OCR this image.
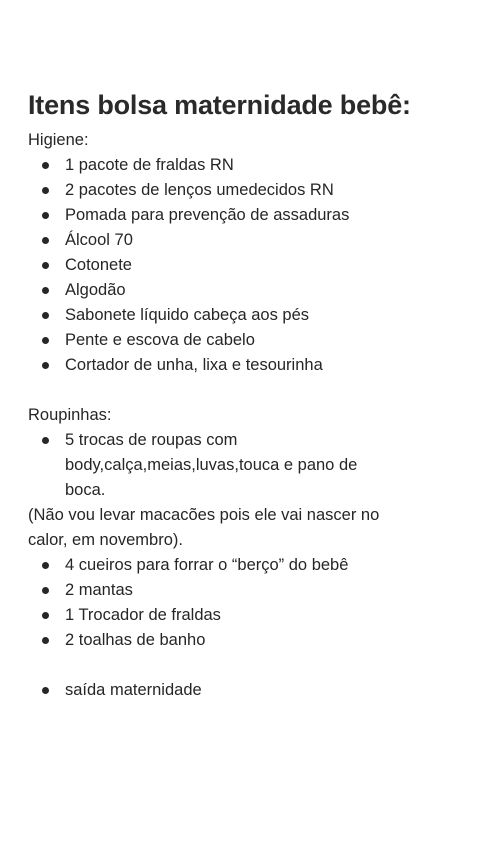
Itens bolsa maternidade bebê:

Higiene:

1 pacote de fraldas RN
2 pacotes de lenços umedecidos RN
Pomada para prevenção de assaduras
Álcool 70
Cotonete
Algodão
Sabonete líquido cabeça aos pés
Pente e escova de cabelo
Cortador de unha, lixa e tesourinha

Roupinhas:

5 trocas de roupas com body,calça,meias,luvas,touca e pano de boca.

(Não vou levar macacões pois ele vai nascer no calor, em novembro).

4 cueiros para forrar o “berço” do bebê
2 mantas
1 Trocador de fraldas
2 toalhas de banho
saída maternidade
